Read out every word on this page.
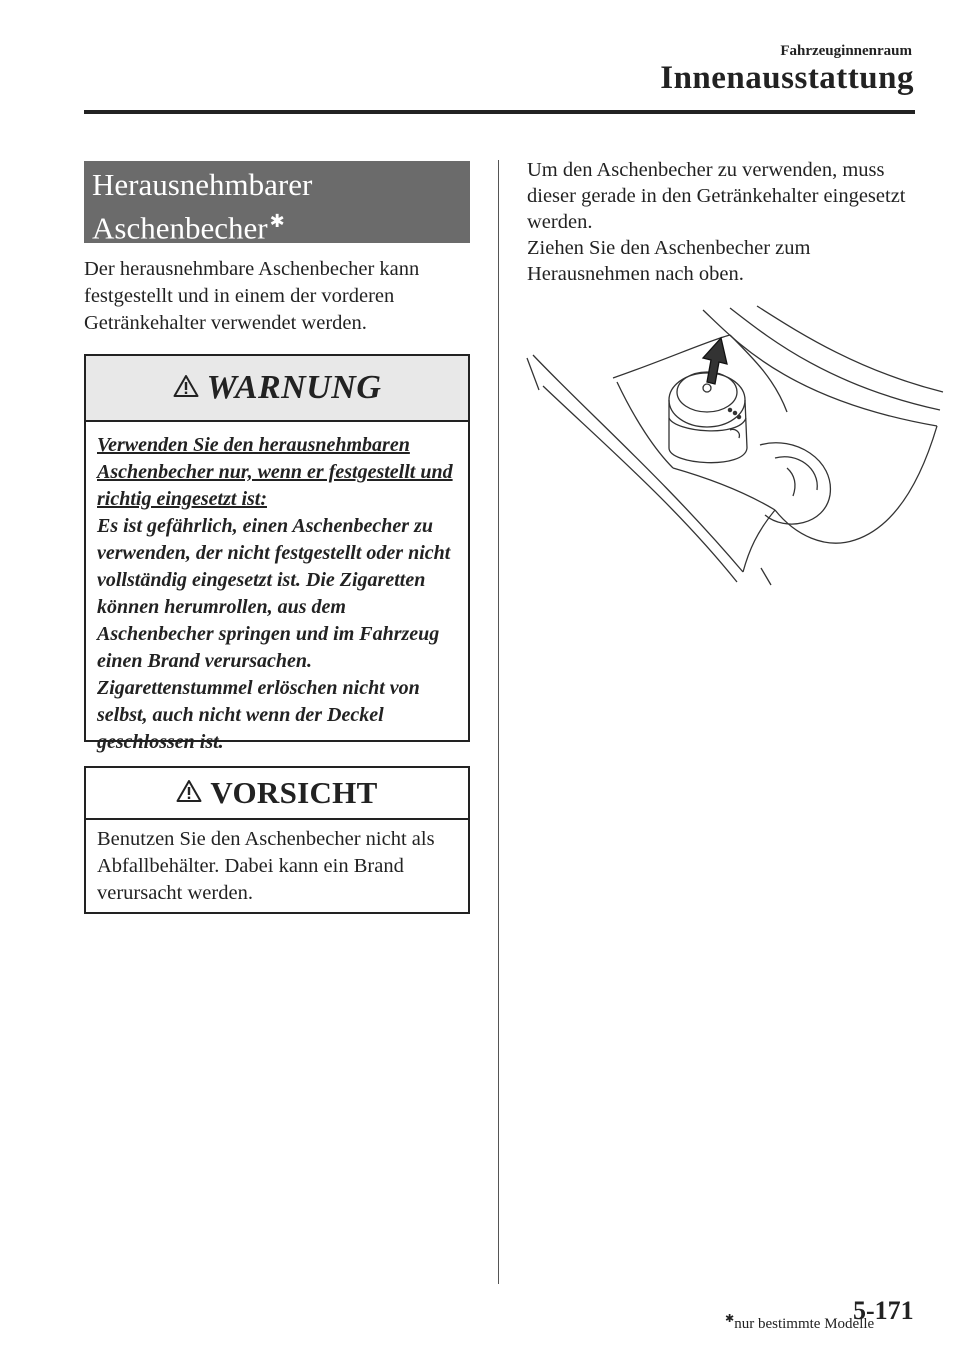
Fahrzeuginnenraum
Innenausstattung
Herausnehmbarer
Aschenbecher ✱

Der herausnehmbare Aschenbecher kann festgestellt und in einem der vorderen Getränkehalter verwendet werden.

WARNUNG
Verwenden Sie den herausnehmbaren Aschenbecher nur, wenn er festgestellt und richtig eingesetzt ist:
Es ist gefährlich, einen Aschenbecher zu verwenden, der nicht festgestellt oder nicht vollständig eingesetzt ist. Die Zigaretten können herumrollen, aus dem Aschenbecher springen und im Fahrzeug einen Brand verursachen. Zigarettenstummel erlöschen nicht von selbst, auch nicht wenn der Deckel geschlossen ist.
VORSICHT
Benutzen Sie den Aschenbecher nicht als Abfallbehälter. Dabei kann ein Brand verursacht werden.
Um den Aschenbecher zu verwenden, muss dieser gerade in den Getränkehalter eingesetzt werden.
Ziehen Sie den Aschenbecher zum Herausnehmen nach oben.
✱nur bestimmte Modelle
5-171
